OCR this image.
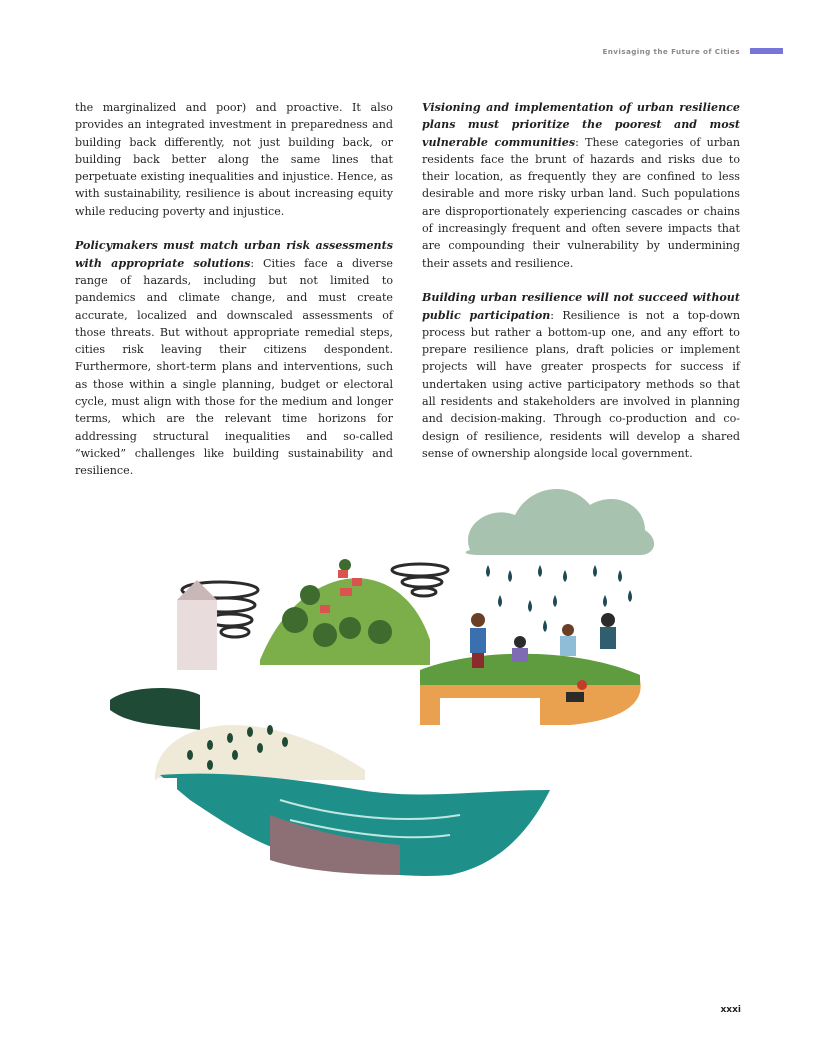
Envisaging the Future of Cities

the marginalized and poor) and proactive. It also provides an integrated investment in preparedness and building back differently, not just building back, or building back better along the same lines that perpetuate existing inequalities and injustice. Hence, as with sustainability, resilience is about increasing equity while reducing poverty and injustice.

Policymakers must match urban risk assessments with appropriate solutions: Cities face a diverse range of hazards, including but not limited to pandemics and climate change, and must create accurate, localized and downscaled assessments of those threats. But without appropriate remedial steps, cities risk leaving their citizens despondent. Furthermore, short-term plans and interventions, such as those within a single planning, budget or electoral cycle, must align with those for the medium and longer terms, which are the relevant time horizons for addressing structural inequalities and so-called “wicked” challenges like building sustainability and resilience.

Visioning and implementation of urban resilience plans must prioritize the poorest and most vulnerable communities: These categories of urban residents face the brunt of hazards and risks due to their location, as frequently they are confined to less desirable and more risky urban land. Such populations are disproportionately experiencing cascades or chains of increasingly frequent and often severe impacts that are compounding their vulnerability by undermining their assets and resilience.

Building urban resilience will not succeed without public participation: Resilience is not a top-down process but rather a bottom-up one, and any effort to prepare resilience plans, draft policies or implement projects will have greater prospects for success if undertaken using active participatory methods so that all residents and stakeholders are involved in planning and decision-making. Through co-production and co-design of resilience, residents will develop a shared sense of ownership alongside local government.

xxxi
